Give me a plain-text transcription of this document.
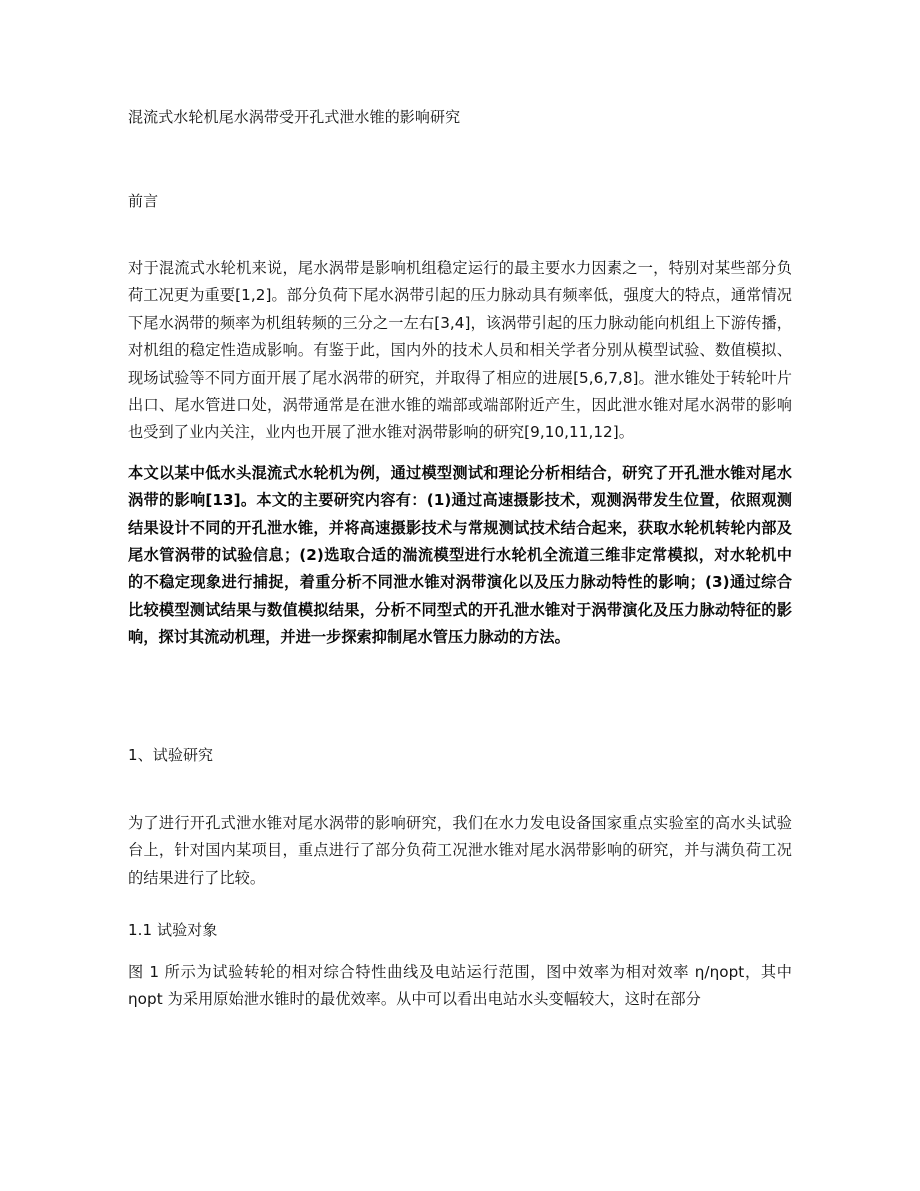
混流式水轮机尾水涡带受开孔式泄水锥的影响研究
前言

对于混流式水轮机来说，尾水涡带是影响机组稳定运行的最主要水力因素之一，特别对某些部分负荷工况更为重要[1,2]。部分负荷下尾水涡带引起的压力脉动具有频率低，强度大的特点，通常情况下尾水涡带的频率为机组转频的三分之一左右[3,4]，该涡带引起的压力脉动能向机组上下游传播，对机组的稳定性造成影响。有鉴于此，国内外的技术人员和相关学者分别从模型试验、数值模拟、现场试验等不同方面开展了尾水涡带的研究，并取得了相应的进展[5,6,7,8]。泄水锥处于转轮叶片出口、尾水管进口处，涡带通常是在泄水锥的端部或端部附近产生，因此泄水锥对尾水涡带的影响也受到了业内关注，业内也开展了泄水锥对涡带影响的研究[9,10,11,12]。

本文以某中低水头混流式水轮机为例，通过模型测试和理论分析相结合，研究了开孔泄水锥对尾水涡带的影响[13]。本文的主要研究内容有：(1)通过高速摄影技术，观测涡带发生位置，依照观测结果设计不同的开孔泄水锥，并将高速摄影技术与常规测试技术结合起来，获取水轮机转轮内部及尾水管涡带的试验信息；(2)选取合适的湍流模型进行水轮机全流道三维非定常模拟，对水轮机中的不稳定现象进行捕捉，着重分析不同泄水锥对涡带演化以及压力脉动特性的影响；(3)通过综合比较模型测试结果与数值模拟结果，分析不同型式的开孔泄水锥对于涡带演化及压力脉动特征的影响，探讨其流动机理，并进一步探索抑制尾水管压力脉动的方法。

1、试验研究

为了进行开孔式泄水锥对尾水涡带的影响研究，我们在水力发电设备国家重点实验室的高水头试验台上，针对国内某项目，重点进行了部分负荷工况泄水锥对尾水涡带影响的研究，并与满负荷工况的结果进行了比较。

1.1 试验对象

图 1 所示为试验转轮的相对综合特性曲线及电站运行范围，图中效率为相对效率 η/ηopt，其中 ηopt 为采用原始泄水锥时的最优效率。从中可以看出电站水头变幅较大，这时在部分
